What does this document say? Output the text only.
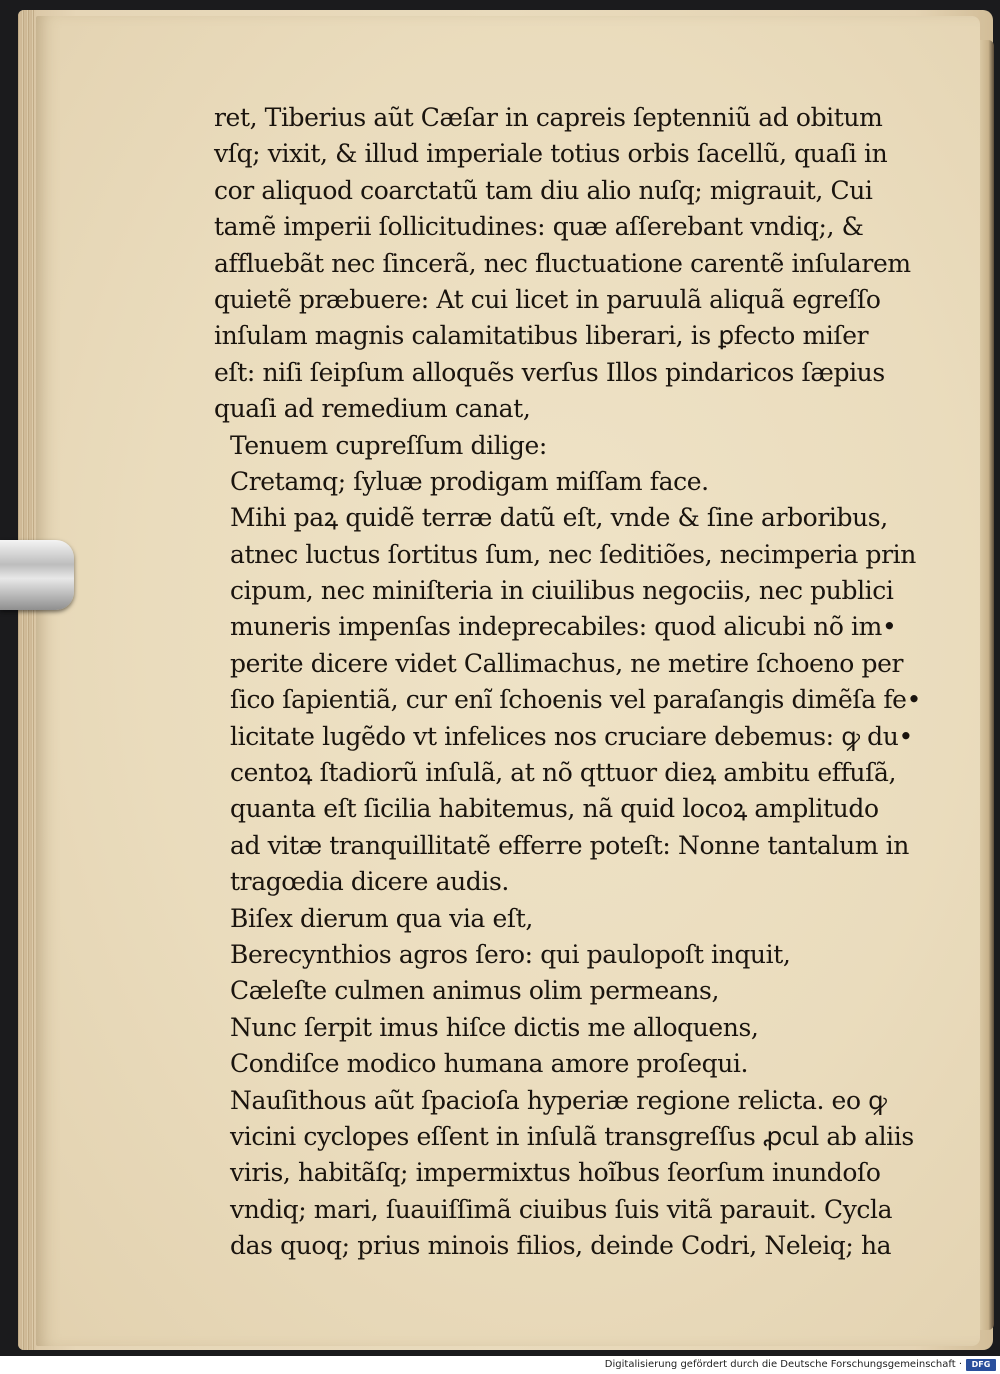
ret, Tiberius aũt Cæſar in capreis ſeptenniũ ad obitum
vſq; vixit, & illud imperiale totius orbis ſacellũ, quaſi in
cor aliquod coarctatũ tam diu alio nuſq; migrauit, Cui
tamẽ imperii ſollicitudines: quæ aſſerebant vndiq;, &
affluebãt nec ſincerã, nec fluctuatione carentẽ inſularem
quietẽ præbuere: At cui licet in paruulã aliquã egreſſo
inſulam magnis calamitatibus liberari, is ꝑfecto miſer
eſt: niſi ſeipſum alloquẽs verſus Illos pindaricos ſæpius
quaſi ad remedium canat,
Tenuem cupreſſum dilige:
Cretamq; ſyluæ prodigam miſſam face.
Mihi paꝝ quidẽ terræ datũ eſt, vnde & ſine arboribus,
atnec luctus ſortitus ſum, nec ſeditiões, necimperia prin
cipum, nec miniſteria in ciuilibus negociis, nec publici
muneris impenſas indeprecabiles: quod alicubi nõ im•
perite dicere videt Callimachus, ne metire ſchoeno per
ſico ſapientiã, cur enĩ ſchoenis vel paraſangis dimẽſa fe•
licitate lugẽdo vt infelices nos cruciare debemus: ꝙ du•
centoꝝ ſtadiorũ inſulã, at nõ qttuor dieꝝ ambitu effuſã,
quanta eſt ſicilia habitemus, nã quid locoꝝ amplitudo
ad vitæ tranquillitatẽ efferre poteſt: Nonne tantalum in
tragœdia dicere audis.
Biſex dierum qua via eſt,
Berecynthios agros ſero: qui paulopoſt inquit,
Cæleſte culmen animus olim permeans,
Nunc ſerpit imus hiſce dictis me alloquens,
Condiſce modico humana amore proſequi.
Nauſithous aũt ſpacioſa hyperiæ regione relicta. eo ꝙ
vicini cyclopes eſſent in inſulã transgreſſus ꝓcul ab aliis
viris, habitãſq; impermixtus hoĩbus ſeorſum inundoſo
vndiq; mari, ſuauiſſimã ciuibus ſuis vitã parauit. Cycla
das quoq; prius minois filios, deinde Codri, Neleiq; ha
Digitalisierung gefördert durch die Deutsche Forschungsgemeinschaft ·	DFG
